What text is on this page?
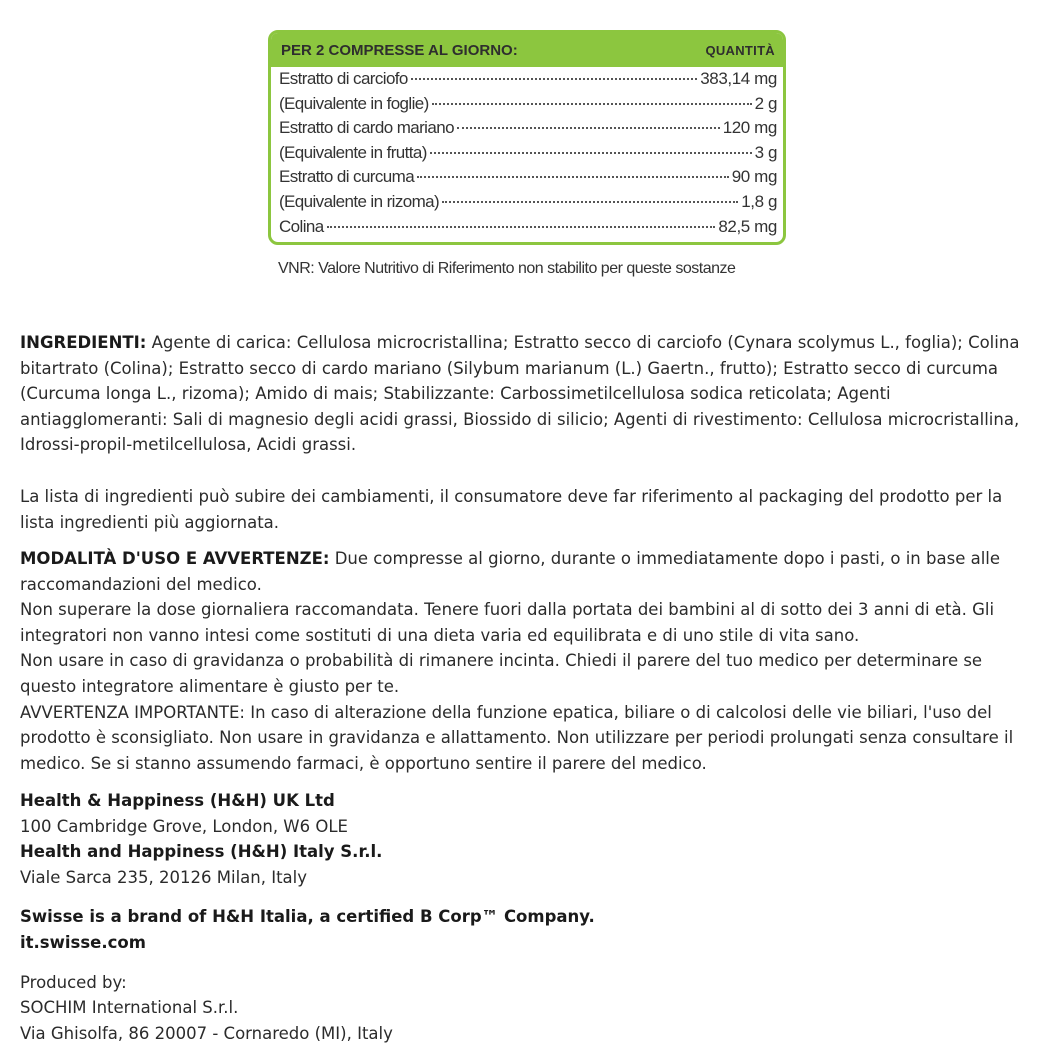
PER 2 COMPRESSE AL GIORNO:	QUANTITÀ
Estratto di carciofo	383,14 mg
(Equivalente in foglie)	2 g
Estratto di cardo mariano	120 mg
(Equivalente in frutta)	3 g
Estratto di curcuma	90 mg
(Equivalente in rizoma)	1,8 g
Colina	82,5 mg
VNR: Valore Nutritivo di Riferimento non stabilito per queste sostanze

INGREDIENTI: Agente di carica: Cellulosa microcristallina; Estratto secco di carciofo (Cynara scolymus L., foglia); Colina bitartrato (Colina); Estratto secco di cardo mariano (Silybum marianum (L.) Gaertn., frutto); Estratto secco di curcuma (Curcuma longa L., rizoma); Amido di mais; Stabilizzante: Carbossimetilcellulosa sodica reticolata; Agenti antiagglomeranti: Sali di magnesio degli acidi grassi, Biossido di silicio; Agenti di rivestimento: Cellulosa microcristallina, Idrossi-propil-metilcellulosa, Acidi grassi.

La lista di ingredienti può subire dei cambiamenti, il consumatore deve far riferimento al packaging del prodotto per la lista ingredienti più aggiornata.

MODALITÀ D'USO E AVVERTENZE: Due compresse al giorno, durante o immediatamente dopo i pasti, o in base alle raccomandazioni del medico.

Non superare la dose giornaliera raccomandata. Tenere fuori dalla portata dei bambini al di sotto dei 3 anni di età. Gli integratori non vanno intesi come sostituti di una dieta varia ed equilibrata e di uno stile di vita sano.

Non usare in caso di gravidanza o probabilità di rimanere incinta. Chiedi il parere del tuo medico per determinare se questo integratore alimentare è giusto per te.

AVVERTENZA IMPORTANTE: In caso di alterazione della funzione epatica, biliare o di calcolosi delle vie biliari, l'uso del prodotto è sconsigliato. Non usare in gravidanza e allattamento. Non utilizzare per periodi prolungati senza consultare il medico. Se si stanno assumendo farmaci, è opportuno sentire il parere del medico.

Health & Happiness (H&H) UK Ltd

100 Cambridge Grove, London, W6 OLE

Health and Happiness (H&H) Italy S.r.l.

Viale Sarca 235, 20126 Milan, Italy

Swisse is a brand of H&H Italia, a certified B Corp™ Company.

it.swisse.com

Produced by:

SOCHIM International S.r.l.

Via Ghisolfa, 86 20007 - Cornaredo (MI), Italy
